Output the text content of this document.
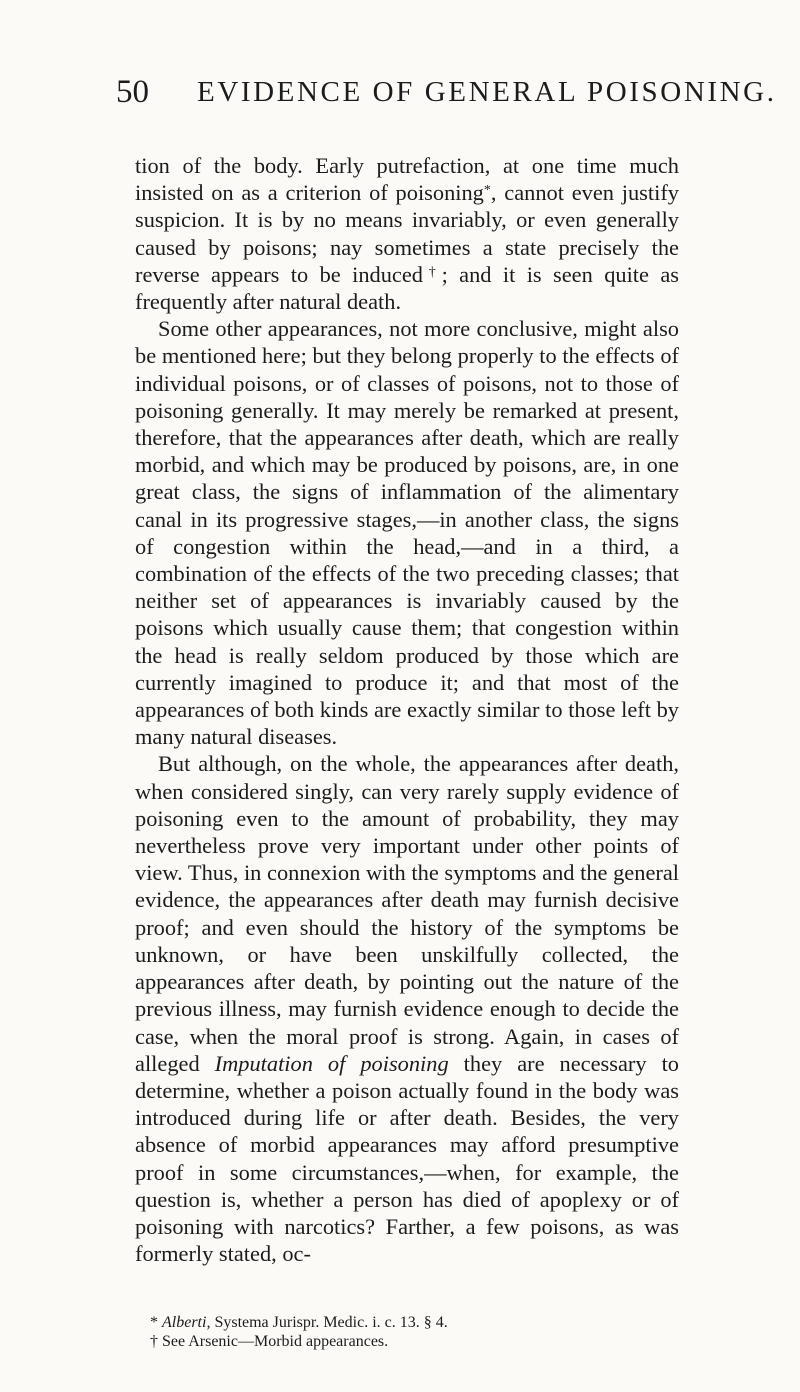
50 EVIDENCE OF GENERAL POISONING.

tion of the body. Early putrefaction, at one time much insisted on as a criterion of poisoning*, cannot even justify suspicion. It is by no means invariably, or even generally caused by poisons; nay sometimes a state precisely the reverse appears to be induced†; and it is seen quite as frequently after natural death.

Some other appearances, not more conclusive, might also be mentioned here; but they belong properly to the effects of individual poisons, or of classes of poisons, not to those of poisoning generally. It may merely be remarked at present, therefore, that the appearances after death, which are really morbid, and which may be produced by poisons, are, in one great class, the signs of inflammation of the alimentary canal in its progressive stages,—in another class, the signs of congestion within the head,—and in a third, a combination of the effects of the two preceding classes; that neither set of appearances is invariably caused by the poisons which usually cause them; that congestion within the head is really seldom produced by those which are currently imagined to produce it; and that most of the appearances of both kinds are exactly similar to those left by many natural diseases.

But although, on the whole, the appearances after death, when considered singly, can very rarely supply evidence of poisoning even to the amount of probability, they may nevertheless prove very important under other points of view. Thus, in connexion with the symptoms and the general evidence, the appearances after death may furnish decisive proof; and even should the history of the symptoms be unknown, or have been unskilfully collected, the appearances after death, by pointing out the nature of the previous illness, may furnish evidence enough to decide the case, when the moral proof is strong. Again, in cases of alleged Imputation of poisoning they are necessary to determine, whether a poison actually found in the body was introduced during life or after death. Besides, the very absence of morbid appearances may afford presumptive proof in some circumstances,—when, for example, the question is, whether a person has died of apoplexy or of poisoning with narcotics? Farther, a few poisons, as was formerly stated, oc-

* Alberti, Systema Jurispr. Medic. i. c. 13. § 4.

† See Arsenic—Morbid appearances.
